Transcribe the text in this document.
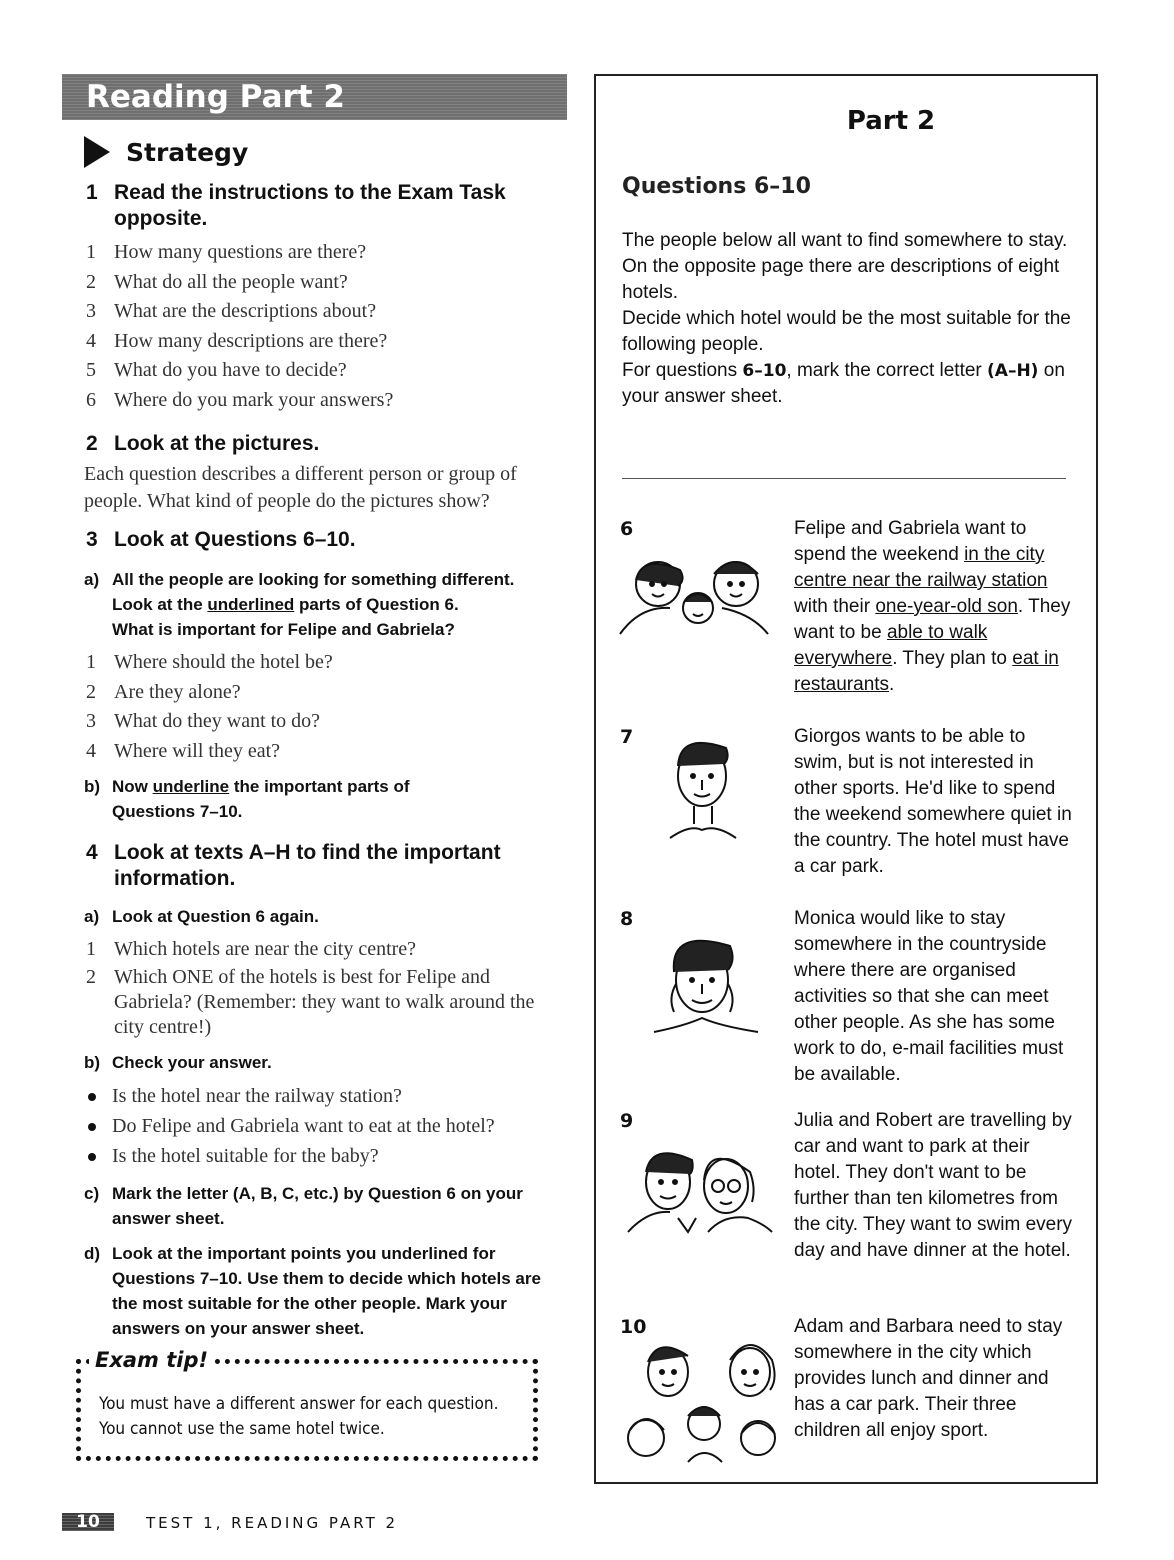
Reading Part 2
Strategy
1 Read the instructions to the Exam Task opposite.
1 How many questions are there?
2 What do all the people want?
3 What are the descriptions about?
4 How many descriptions are there?
5 What do you have to decide?
6 Where do you mark your answers?
2 Look at the pictures.
Each question describes a different person or group of people. What kind of people do the pictures show?
3 Look at Questions 6–10.
a) All the people are looking for something different.
Look at the underlined parts of Question 6.
What is important for Felipe and Gabriela?
1 Where should the hotel be?
2 Are they alone?
3 What do they want to do?
4 Where will they eat?
b) Now underline the important parts of
Questions 7–10.
4 Look at texts A–H to find the important information.
a) Look at Question 6 again.
1 Which hotels are near the city centre?
2 Which ONE of the hotels is best for Felipe and Gabriela? (Remember: they want to walk around the city centre!)
b) Check your answer.
Is the hotel near the railway station?
Do Felipe and Gabriela want to eat at the hotel?
Is the hotel suitable for the baby?
c) Mark the letter (A, B, C, etc.) by Question 6 on your answer sheet.
d) Look at the important points you underlined for Questions 7–10. Use them to decide which hotels are the most suitable for the other people. Mark your answers on your answer sheet.
Exam tip!
You must have a different answer for each question. You cannot use the same hotel twice.
Part 2
Questions 6–10
The people below all want to find somewhere to stay.
On the opposite page there are descriptions of eight hotels.
Decide which hotel would be the most suitable for the following people.
For questions 6–10, mark the correct letter (A–H) on your answer sheet.
6	Felipe and Gabriela want to spend the weekend in the city centre near the railway station with their one-year-old son. They want to be able to walk everywhere. They plan to eat in restaurants.
7	Giorgos wants to be able to swim, but is not interested in other sports. He'd like to spend the weekend somewhere quiet in the country. The hotel must have a car park.
8	Monica would like to stay somewhere in the countryside where there are organised activities so that she can meet other people. As she has some work to do, e-mail facilities must be available.
9	Julia and Robert are travelling by car and want to park at their hotel. They don't want to be further than ten kilometres from the city. They want to swim every day and have dinner at the hotel.
10	Adam and Barbara need to stay somewhere in the city which provides lunch and dinner and has a car park. Their three children all enjoy sport.
10	TEST 1, READING PART 2
